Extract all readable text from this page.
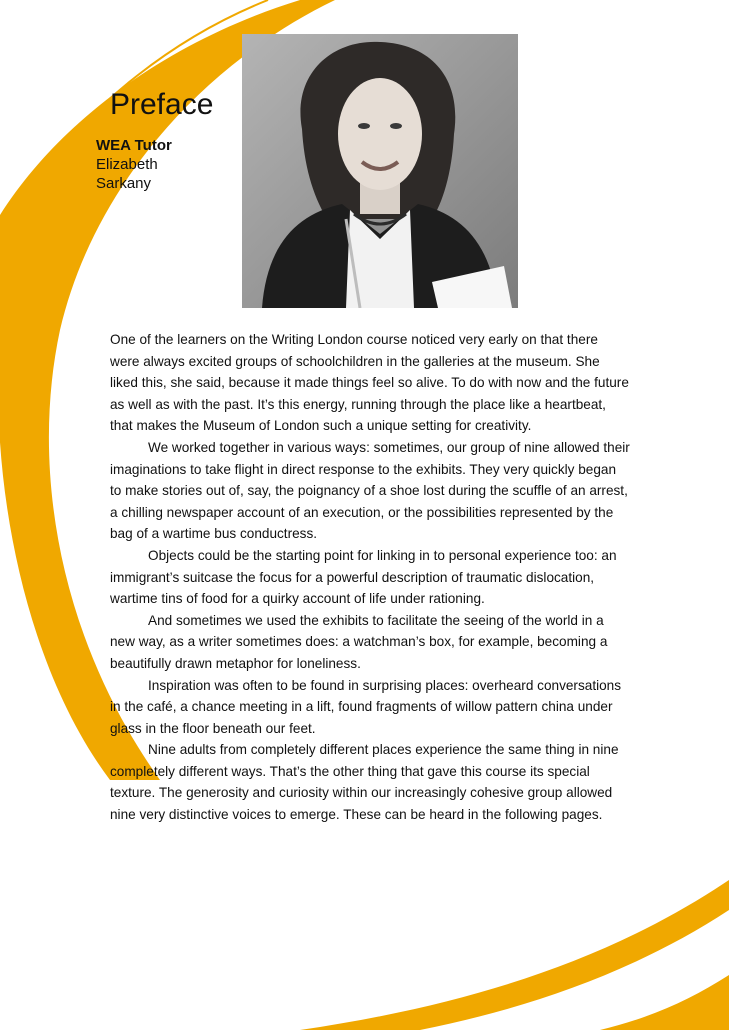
Preface
WEA Tutor
Elizabeth
Sarkany

One of the learners on the Writing London course noticed very early on that there were always excited groups of schoolchildren in the galleries at the museum. She liked this, she said, because it made things feel so alive. To do with now and the future as well as with the past. It’s this energy, running through the place like a heartbeat, that makes the Museum of London such a unique setting for creativity.

We worked together in various ways: sometimes, our group of nine allowed their imaginations to take flight in direct response to the exhibits. They very quickly began to make stories out of, say, the poignancy of a shoe lost during the scuffle of an arrest, a chilling newspaper account of an execution, or the possibilities represented by the bag of a wartime bus conductress.

Objects could be the starting point for linking in to personal experience too: an immigrant’s suitcase the focus for a powerful description of traumatic dislocation, wartime tins of food for a quirky account of life under rationing.

And sometimes we used the exhibits to facilitate the seeing of the world in a new way, as a writer sometimes does: a watchman’s box, for example, becoming a beautifully drawn metaphor for loneliness.

Inspiration was often to be found in surprising places: overheard conversations in the café, a chance meeting in a lift, found fragments of willow pattern china under glass in the floor beneath our feet.

Nine adults from completely different places experience the same thing in nine completely different ways. That’s the other thing that gave this course its special texture. The generosity and curiosity within our increasingly cohesive group allowed nine very distinctive voices to emerge. These can be heard in the following pages.
